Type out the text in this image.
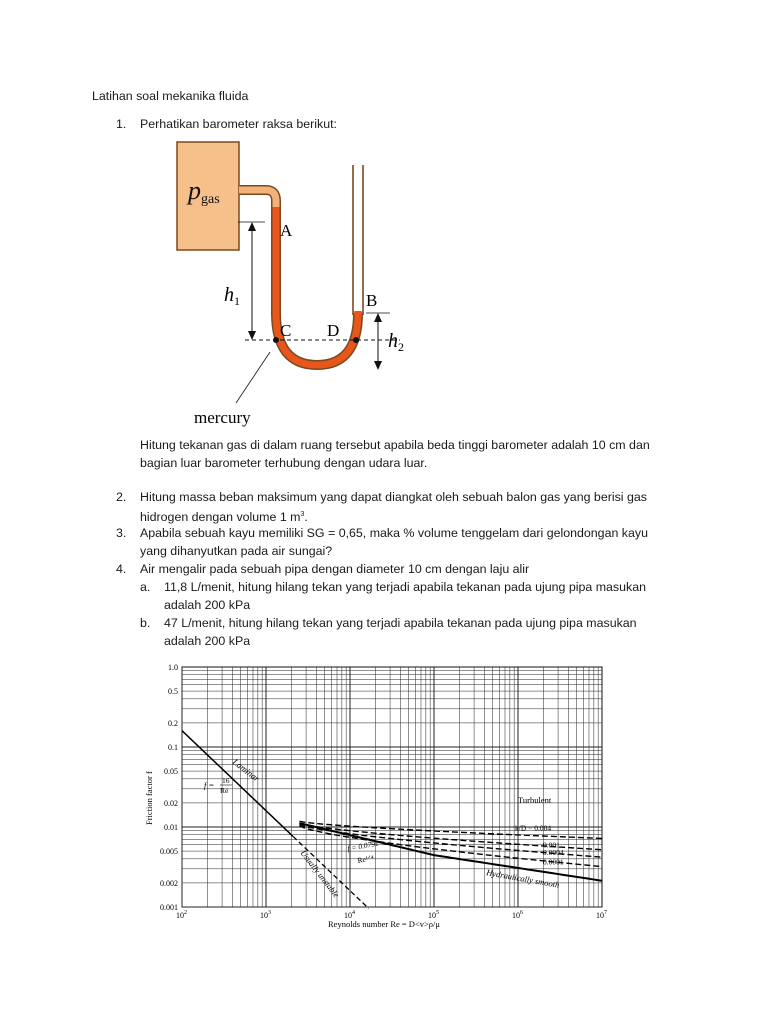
Latihan soal mekanika fluida
1. Perhatikan barometer raksa berikut:
pgas
A
B
C D
$h_1$
$h_2$
mercury
Hitung tekanan gas di dalam ruang tersebut apabila beda tinggi barometer adalah 10 cm dan
bagian luar barometer terhubung dengan udara luar.
2. Hitung massa beban maksimum yang dapat diangkat oleh sebuah balon gas yang berisi gas
hidrogen dengan volume 1 $m^3$.
3. Apabila sebuah kayu memiliki SG = 0,65, maka % volume tenggelam dari gelondongan kayu
yang dihanyutkan pada air sungai?
4. Air mengalir pada sebuah pipa dengan diameter 10 cm dengan laju alir
a. 11,8 L/menit, hitung hilang tekan yang terjadi apabila tekanan pada ujung pipa masukan
adalah 200 kPa
b. 47 L/menit, hitung hilang tekan yang terjadi apabila tekanan pada ujung pipa masukan
adalah 200 kPa
1.0
0.5
0.2
0.1
0.05
0.02
0.01
0.005
0.002
0.001
$10^2$	$10^3$	$10^4$	$10^5$	$10^6$	$10^7$
Friction factor f
Reynolds number Re = D<v>ρ/μ
Laminar
f = 16
Re
Turbulent
f = 0.0791
Re¹ᐟ⁴
Hydraulically smooth
Usually unstable
k/D = 0.004
0.001
0.0004
0.0001
